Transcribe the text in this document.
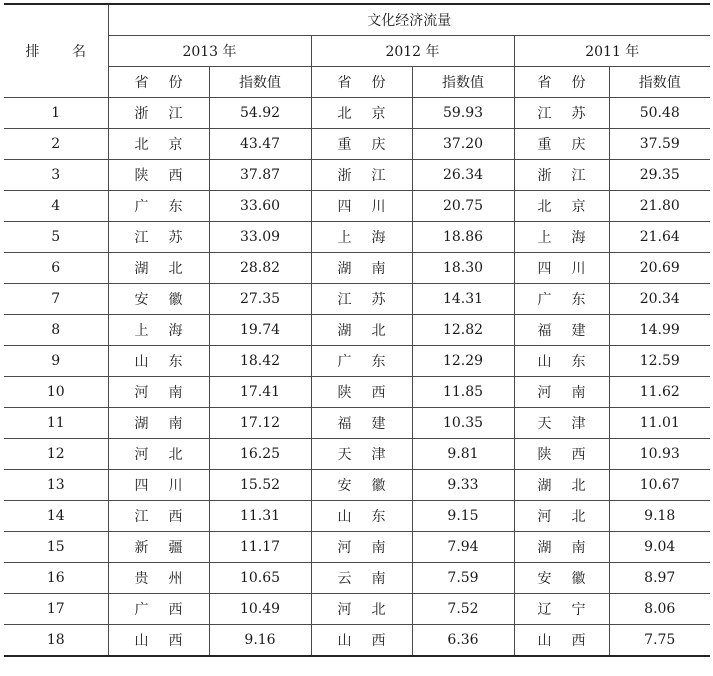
排 名	文化经济流量					
	2013 年		2012 年		2011 年	
	省份	指数值	省份	指数值	省份	指数值
1	浙江	54.92	北京	59.93	江苏	50.48
2	北京	43.47	重庆	37.20	重庆	37.59
3	陕西	37.87	浙江	26.34	浙江	29.35
4	广东	33.60	四川	20.75	北京	21.80
5	江苏	33.09	上海	18.86	上海	21.64
6	湖北	28.82	湖南	18.30	四川	20.69
7	安徽	27.35	江苏	14.31	广东	20.34
8	上海	19.74	湖北	12.82	福建	14.99
9	山东	18.42	广东	12.29	山东	12.59
10	河南	17.41	陕西	11.85	河南	11.62
11	湖南	17.12	福建	10.35	天津	11.01
12	河北	16.25	天津	9.81	陕西	10.93
13	四川	15.52	安徽	9.33	湖北	10.67
14	江西	11.31	山东	9.15	河北	9.18
15	新疆	11.17	河南	7.94	湖南	9.04
16	贵州	10.65	云南	7.59	安徽	8.97
17	广西	10.49	河北	7.52	辽宁	8.06
18	山西	9.16	山西	6.36	山西	7.75
